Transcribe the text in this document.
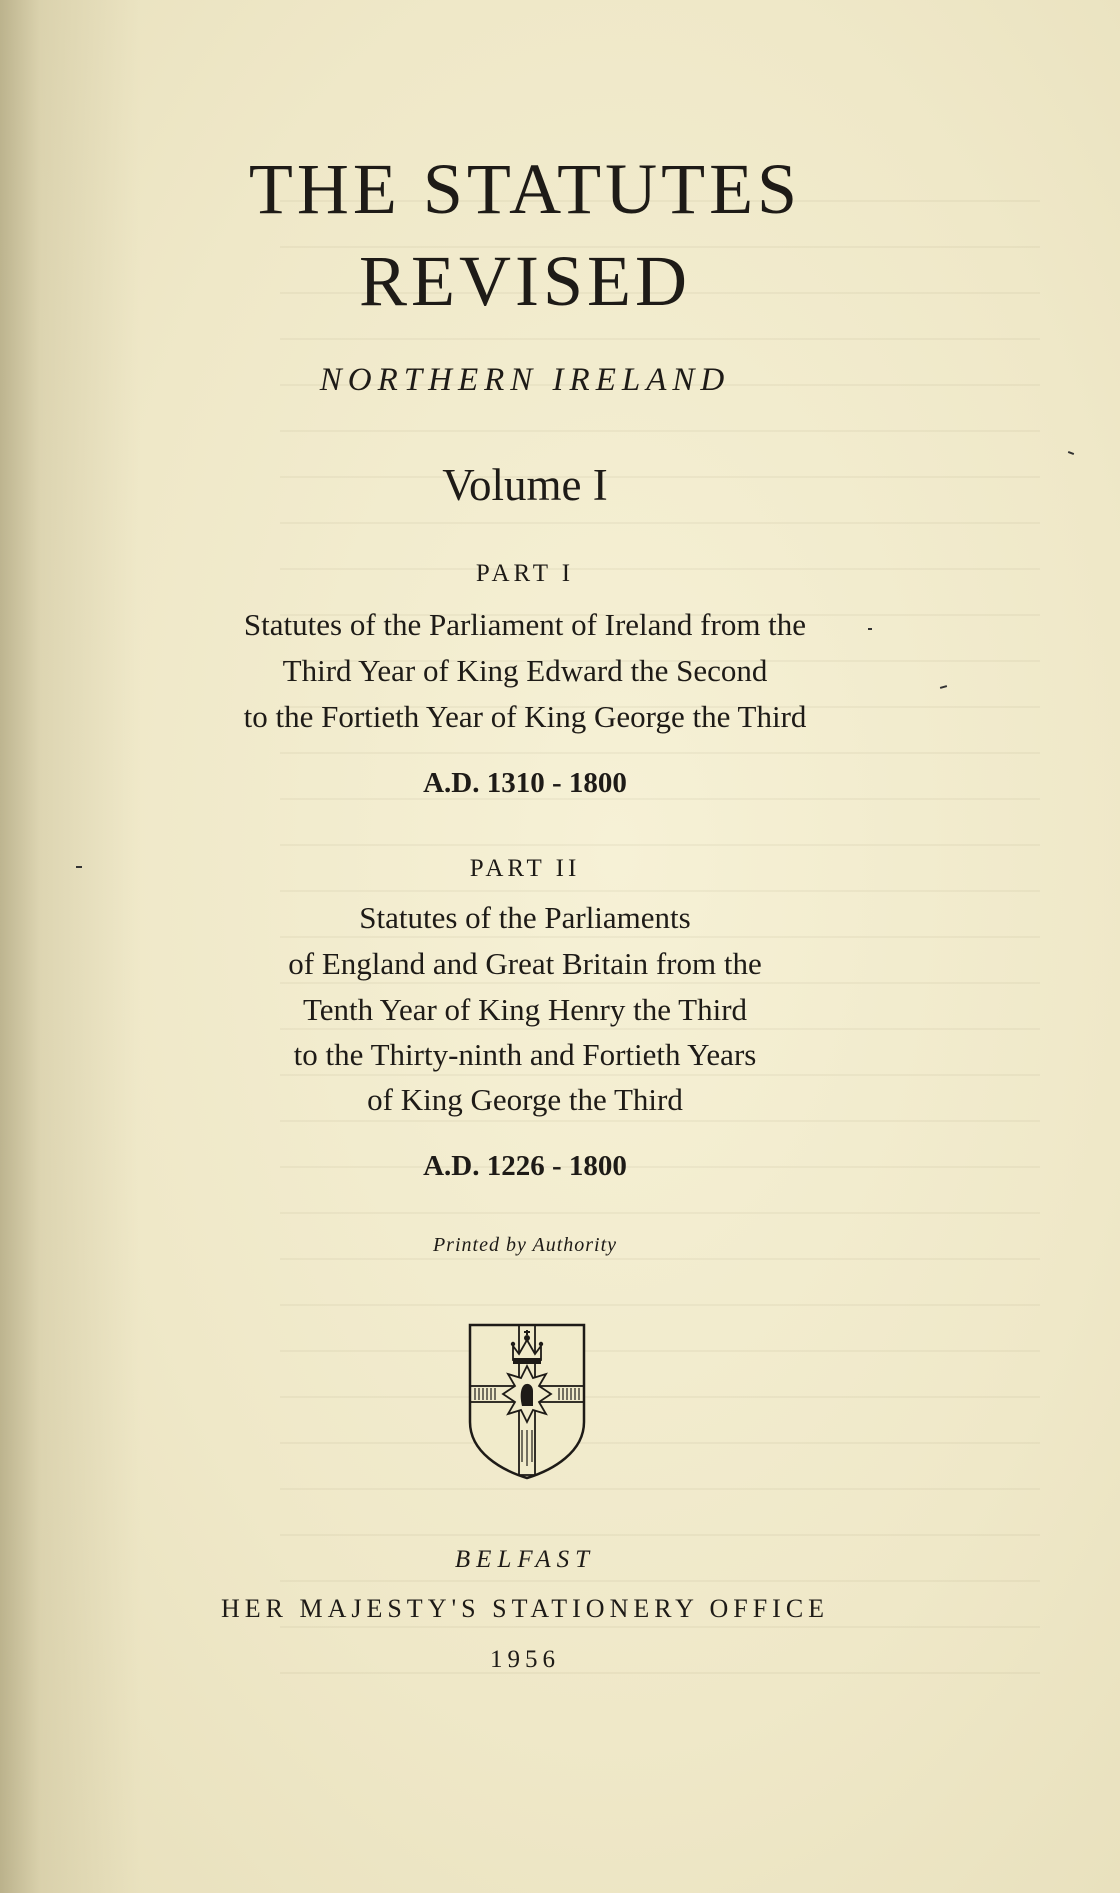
THE STATUTES
REVISED
NORTHERN IRELAND
Volume I
PART I
Statutes of the Parliament of Ireland from the
Third Year of King Edward the Second
to the Fortieth Year of King George the Third
A.D. 1310 - 1800
PART II
Statutes of the Parliaments
of England and Great Britain from the
Tenth Year of King Henry the Third
to the Thirty-ninth and Fortieth Years
of King George the Third
A.D. 1226 - 1800
Printed by Authority
BELFAST
HER MAJESTY'S STATIONERY OFFICE
1956
